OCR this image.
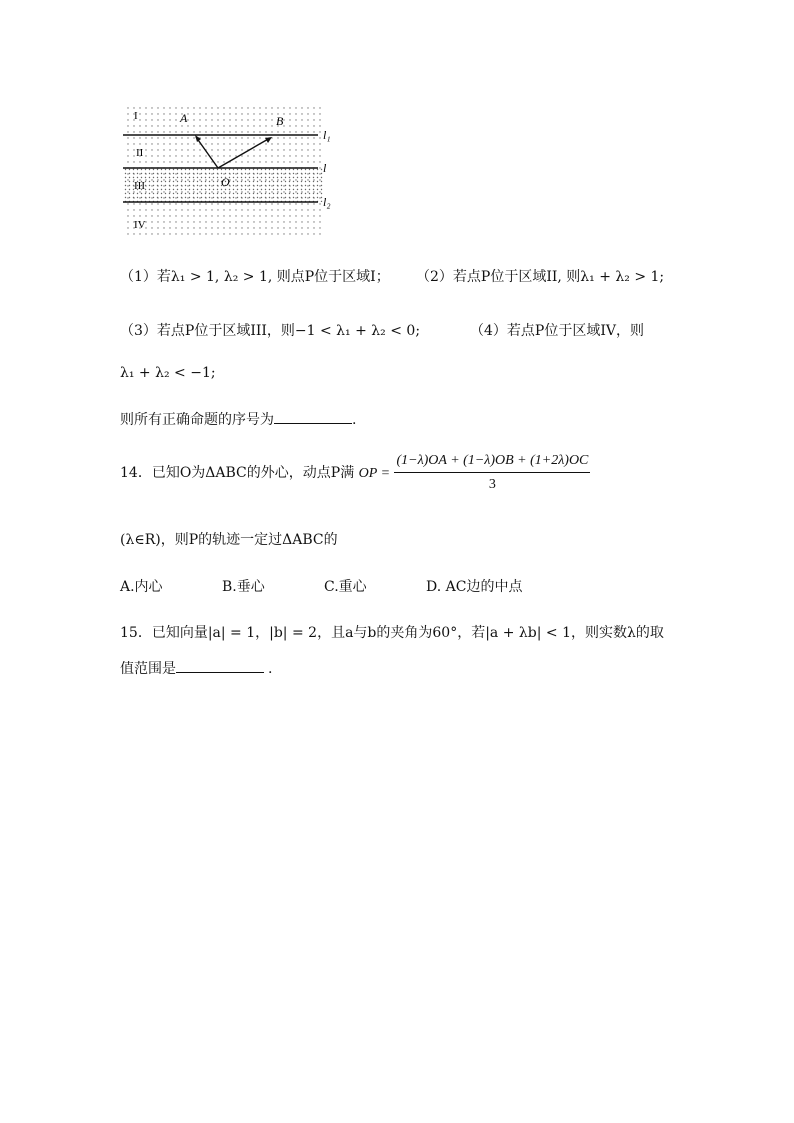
I
II
III
IV
A	B
O
l₁
l
l₂
（1）若λ₁ > 1, λ₂ > 1, 则点P位于区域I； （2）若点P位于区域II, 则λ₁ + λ₂ > 1;
（3）若点P位于区域III，则−1 < λ₁ + λ₂ < 0;	（4）若点P位于区域IV，则
λ₁ + λ₂ < −1;
则所有正确命题的序号为	.
14．已知O为ΔABC的外心，动点P满 OP = $\frac{(1-\lambda)OA + (1-\lambda)OB + (1+2\lambda)OC}{3}$
(λ∈R)，则P的轨迹一定过ΔABC的
A.内心	B.垂心	C.重心	D. AC边的中点
15．已知向量|a| = 1，|b| = 2，且a与b的夹角为60°，若|a + λb| < 1，则实数λ的取
值范围是	.
